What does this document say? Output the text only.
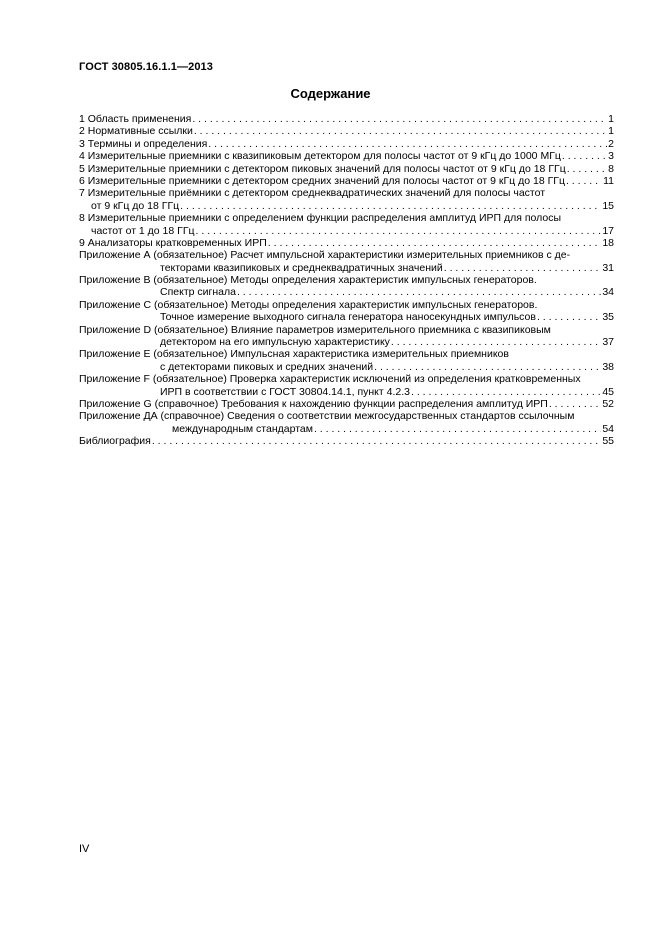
ГОСТ 30805.16.1.1—2013
Содержание
1 Область применения . . .	1
2 Нормативные ссылки . . .	1
3 Термины и определения . . .	2
4 Измерительные приемники с квазипиковым детектором для полосы частот от 9 кГц до 1000 МГц . . .	3
5 Измерительные приемники с детектором пиковых значений для полосы частот от 9 кГц до 18 ГГц . . .	8
6 Измерительные приемники с детектором средних значений для полосы частот от 9 кГц до 18 ГГц . . .	11
7 Измерительные приёмники с детектором среднеквадратических значений для полосы частот
от 9 кГц до 18 ГГц . . .	15
8 Измерительные приемники с определением функции распределения амплитуд ИРП для полосы
частот от 1 до 18 ГГц . . .	17
9 Анализаторы кратковременных ИРП . . .	18
Приложение А (обязательное) Расчет импульсной характеристики измерительных приемников с де-
текторами квазипиковых и среднеквадратичных значений . . .	31
Приложение В (обязательное) Методы определения характеристик импульсных генераторов.
Спектр сигнала . . .	34
Приложение С (обязательное) Методы определения характеристик импульсных генераторов.
Точное измерение выходного сигнала генератора наносекундных импульсов . . .	35
Приложение D (обязательное) Влияние параметров измерительного приемника с квазипиковым
детектором на его импульсную характеристику . . .	37
Приложение Е (обязательное) Импульсная характеристика измерительных приемников
с детекторами пиковых и средних значений . . .	38
Приложение F (обязательное) Проверка характеристик исключений из определения кратковременных
ИРП в соответствии с ГОСТ 30804.14.1, пункт 4.2.3 . . .	45
Приложение G (справочное) Требования к нахождению функции распределения амплитуд ИРП . . .	52
Приложение ДА (справочное) Сведения о соответствии межгосударственных стандартов ссылочным
международным стандартам . . .	54
Библиография . . .	55
IV
